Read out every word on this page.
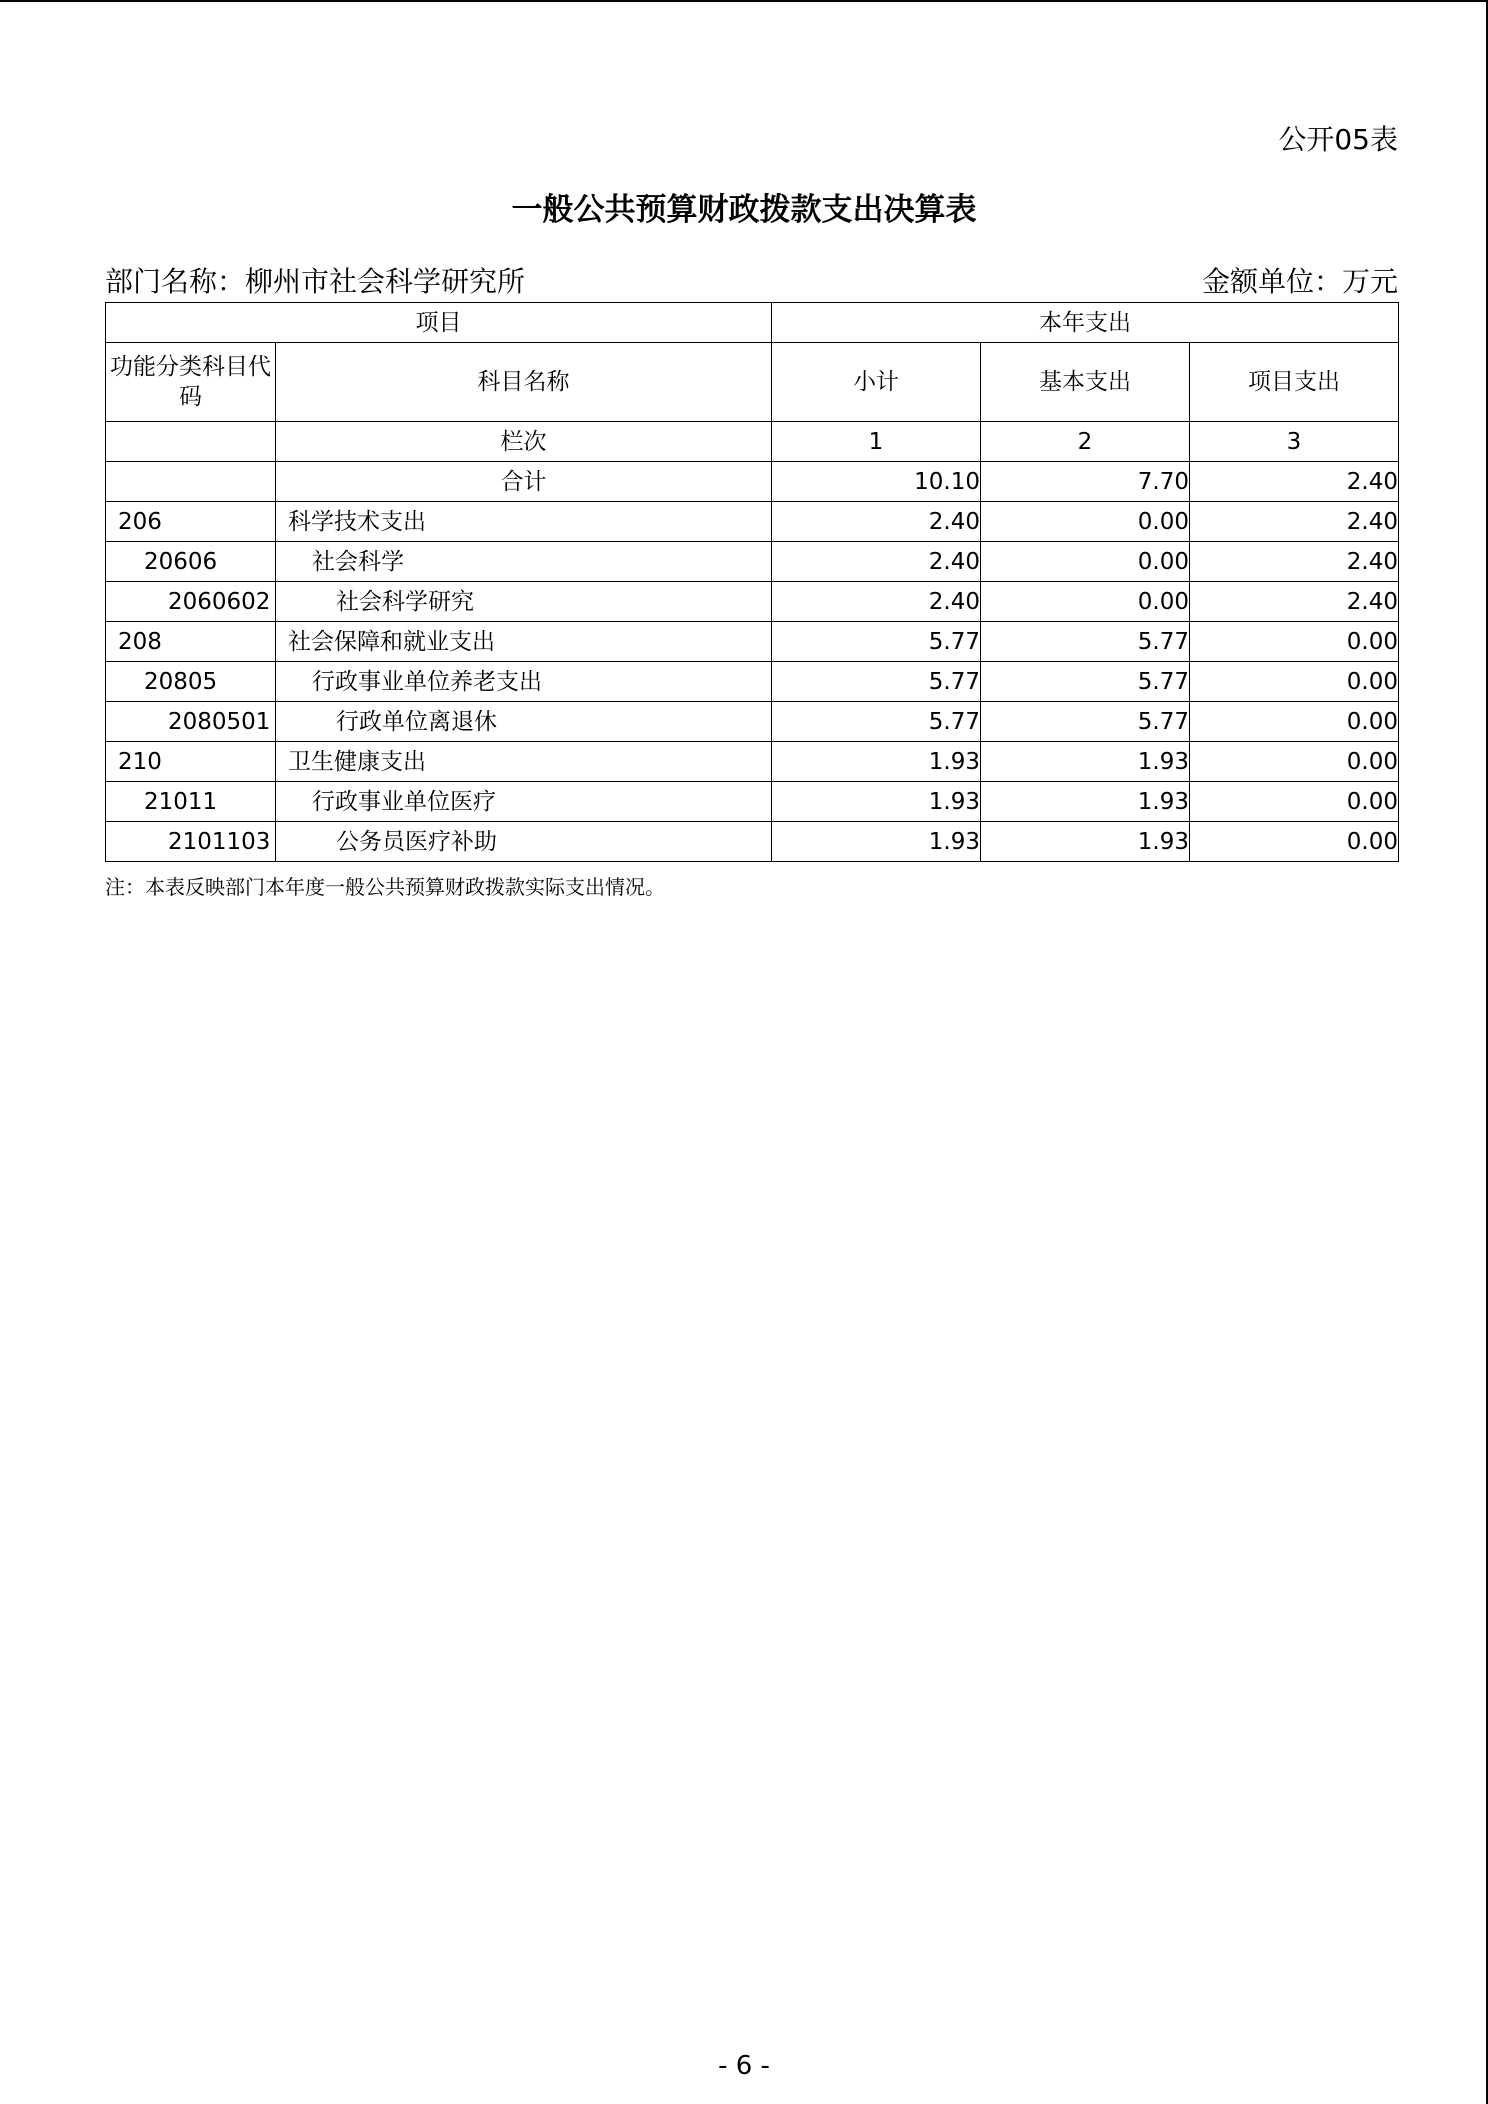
公开05表
一般公共预算财政拨款支出决算表
部门名称：柳州市社会科学研究所	金额单位：万元
项目		本年支出		
功能分类科目代码	科目名称	小计	基本支出	项目支出
	栏次	1	2	3
	合计	10.10	7.70	2.40
206	科学技术支出	2.40	0.00	2.40
20606	社会科学	2.40	0.00	2.40
2060602	社会科学研究	2.40	0.00	2.40
208	社会保障和就业支出	5.77	5.77	0.00
20805	行政事业单位养老支出	5.77	5.77	0.00
2080501	行政单位离退休	5.77	5.77	0.00
210	卫生健康支出	1.93	1.93	0.00
21011	行政事业单位医疗	1.93	1.93	0.00
2101103	公务员医疗补助	1.93	1.93	0.00
注：本表反映部门本年度一般公共预算财政拨款实际支出情况。
- 6 -
